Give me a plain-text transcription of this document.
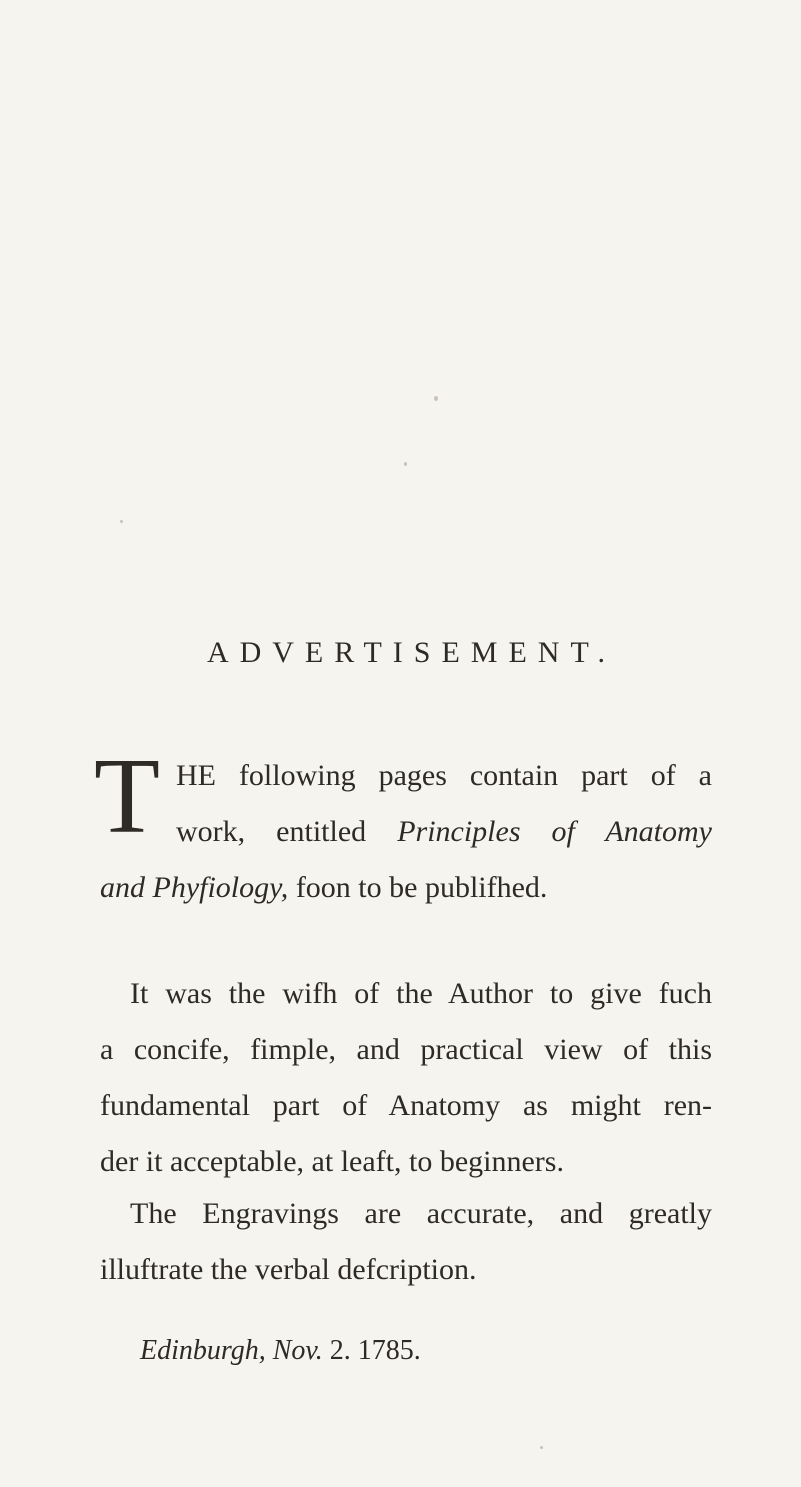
ADVERTISEMENT.
T HE following pages contain part of a
work, entitled Principles of Anatomy
and Phyfiology, foon to be publifhed.
It was the wifh of the Author to give fuch
a concife, fimple, and practical view of this
fundamental part of Anatomy as might ren-
der it acceptable, at leaft, to beginners.
The Engravings are accurate, and greatly
illuftrate the verbal defcription.

Edinburgh, Nov. 2. 1785.
